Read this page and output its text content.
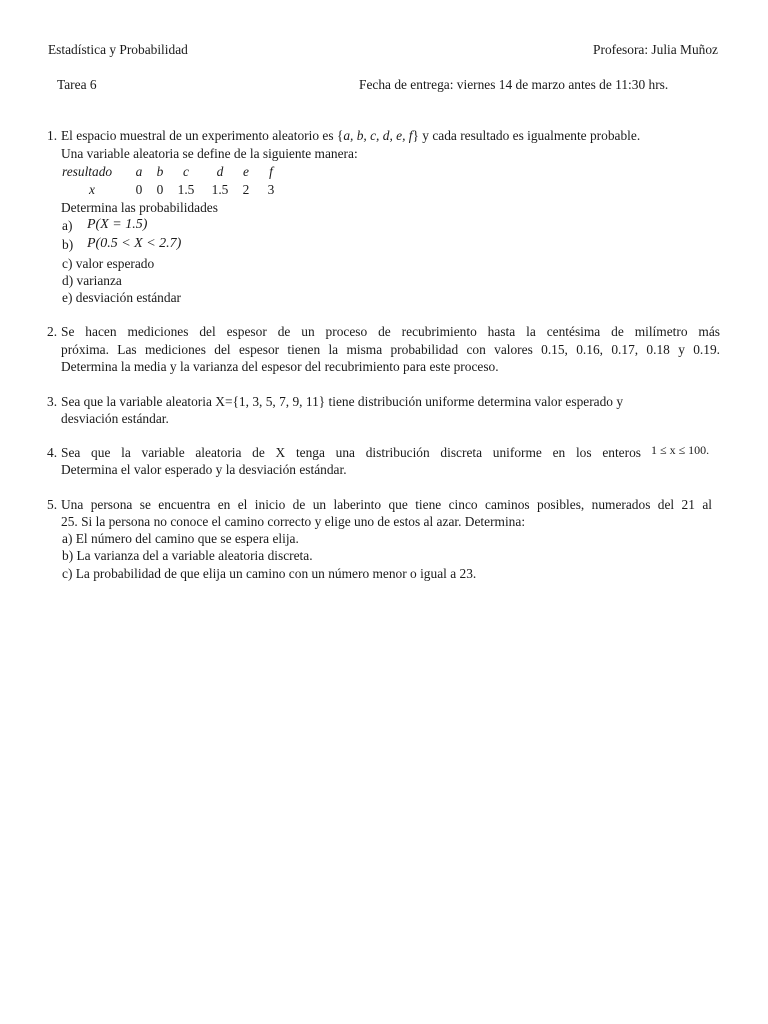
Estadística y Probabilidad	Profesora: Julia Muñoz
Tarea 6	Fecha de entrega: viernes 14 de marzo antes de 11:30 hrs.
1. El espacio muestral de un experimento aleatorio es {a, b, c, d, e, f} y cada resultado es igualmente probable.
Una variable aleatoria se define de la siguiente manera:
resultado a b	c	d	e	f
x	0 0 1.5 1.5 2 3
Determina las probabilidades
a) P(X = 1.5)
b) P(0.5 < X < 2.7)
c) valor esperado
d) varianza
e) desviación estándar
2. Se hacen mediciones del espesor de un proceso de recubrimiento hasta la centésima de milímetro más
próxima. Las mediciones del espesor tienen la misma probabilidad con valores 0.15, 0.16, 0.17, 0.18 y 0.19.
Determina la media y la varianza del espesor del recubrimiento para este proceso.
3. Sea que la variable aleatoria X={1, 3, 5, 7, 9, 11} tiene distribución uniforme determina valor esperado y
desviación estándar.
4. Sea que la variable aleatoria de X tenga una distribución discreta uniforme en los enteros 1 ≤ x ≤ 100.
Determina el valor esperado y la desviación estándar.
5. Una persona se encuentra en el inicio de un laberinto que tiene cinco caminos posibles, numerados del 21 al
25. Si la persona no conoce el camino correcto y elige uno de estos al azar. Determina:
a) El número del camino que se espera elija.
b) La varianza del a variable aleatoria discreta.
c) La probabilidad de que elija un camino con un número menor o igual a 23.
